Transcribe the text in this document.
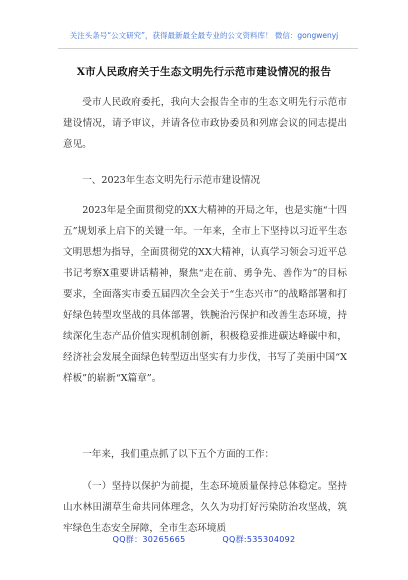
关注头条号“公文研究”，获得最新最全最专业的公文资料库！ 微信：gongwenyj
X市人民政府关于生态文明先行示范市建设情况的报告

受市人民政府委托，我向大会报告全市的生态文明先行示范市建设情况，请予审议，并请各位市政协委员和列席会议的同志提出意见。

一、2023年生态文明先行示范市建设情况

2023年是全面贯彻党的XX大精神的开局之年，也是实施“十四五”规划承上启下的关键一年。一年来，全市上下坚持以习近平生态文明思想为指导，全面贯彻党的XX大精神，认真学习领会习近平总书记考察X重要讲话精神，聚焦“走在前、勇争先、善作为”的目标要求，全面落实市委五届四次全会关于“生态兴市”的战略部署和打好绿色转型攻坚战的具体部署，铁腕治污保护和改善生态环境，持续深化生态产品价值实现机制创新，积极稳妥推进碳达峰碳中和，经济社会发展全面绿色转型迈出坚实有力步伐，书写了美丽中国“X样板”的崭新“X篇章”。

一年来，我们重点抓了以下五个方面的工作：

（一）坚持以保护为前提，生态环境质量保持总体稳定。坚持山水林田湖草生命共同体理念，久久为功打好污染防治攻坚战，筑牢绿色生态安全屏障，全市生态环境质

QQ群：30265665	QQ群:535304092
